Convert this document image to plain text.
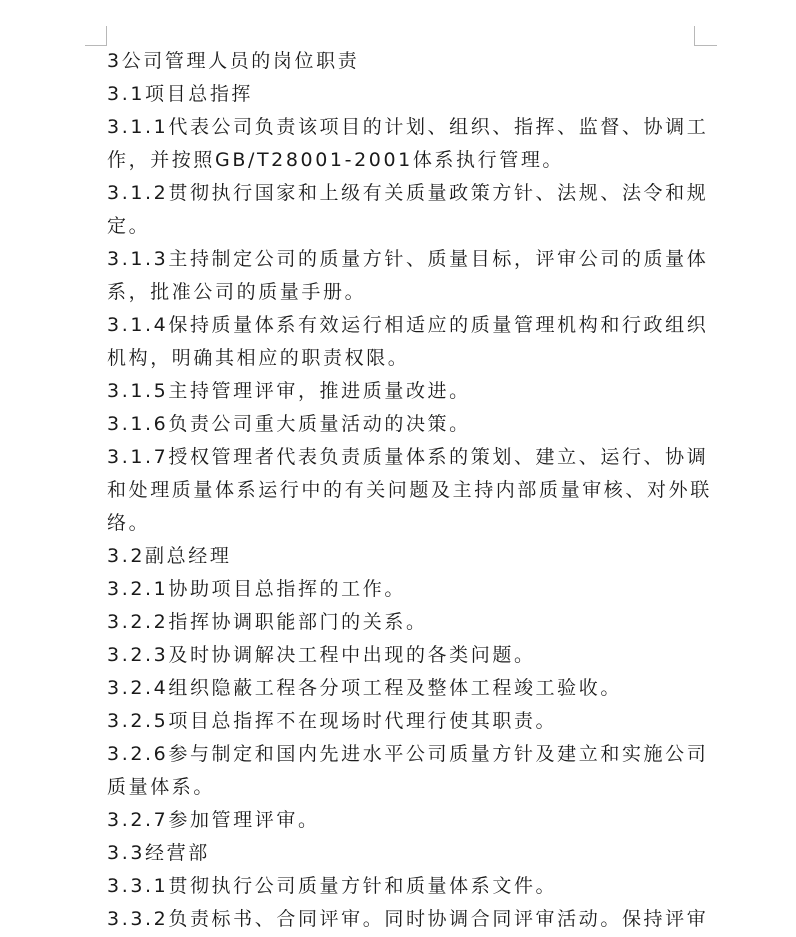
3公司管理人员的岗位职责
3.1项目总指挥
3.1.1代表公司负责该项目的计划、组织、指挥、监督、协调工
作，并按照GB/T28001-2001体系执行管理。
3.1.2贯彻执行国家和上级有关质量政策方针、法规、法令和规
定。
3.1.3主持制定公司的质量方针、质量目标，评审公司的质量体
系，批准公司的质量手册。
3.1.4保持质量体系有效运行相适应的质量管理机构和行政组织
机构，明确其相应的职责权限。
3.1.5主持管理评审，推进质量改进。
3.1.6负责公司重大质量活动的决策。
3.1.7授权管理者代表负责质量体系的策划、建立、运行、协调
和处理质量体系运行中的有关问题及主持内部质量审核、对外联
络。
3.2副总经理
3.2.1协助项目总指挥的工作。
3.2.2指挥协调职能部门的关系。
3.2.3及时协调解决工程中出现的各类问题。
3.2.4组织隐蔽工程各分项工程及整体工程竣工验收。
3.2.5项目总指挥不在现场时代理行使其职责。
3.2.6参与制定和国内先进水平公司质量方针及建立和实施公司
质量体系。
3.2.7参加管理评审。
3.3经营部
3.3.1贯彻执行公司质量方针和质量体系文件。
3.3.2负责标书、合同评审。同时协调合同评审活动。保持评审
